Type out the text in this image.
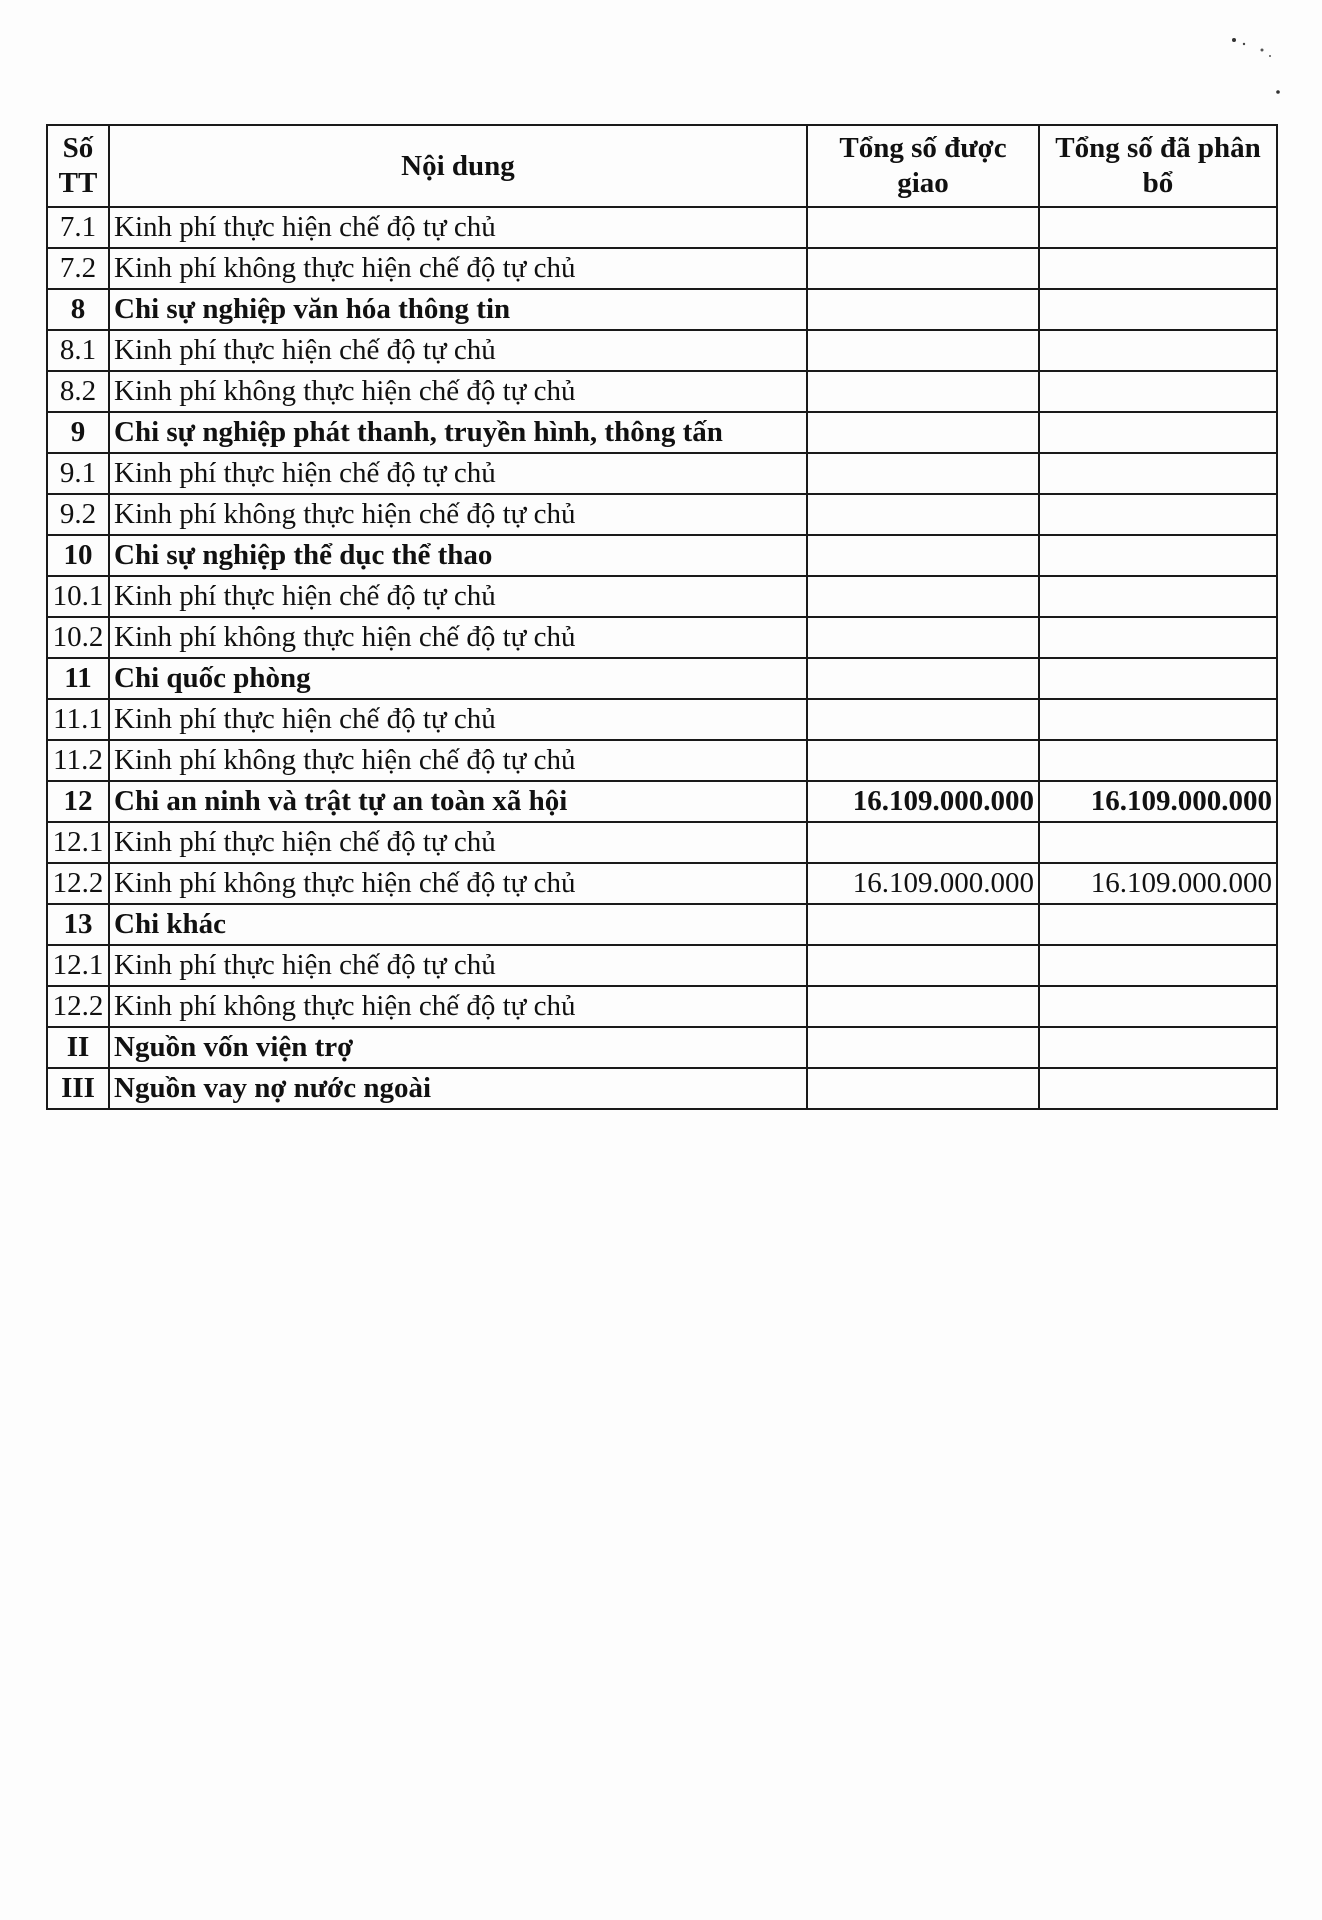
Số TT	Nội dung	Tổng số được giao	Tổng số đã phân bổ
7.1	Kinh phí thực hiện chế độ tự chủ		
7.2	Kinh phí không thực hiện chế độ tự chủ		
8	Chi sự nghiệp văn hóa thông tin		
8.1	Kinh phí thực hiện chế độ tự chủ		
8.2	Kinh phí không thực hiện chế độ tự chủ		
9	Chi sự nghiệp phát thanh, truyền hình, thông tấn		
9.1	Kinh phí thực hiện chế độ tự chủ		
9.2	Kinh phí không thực hiện chế độ tự chủ		
10	Chi sự nghiệp thể dục thể thao		
10.1	Kinh phí thực hiện chế độ tự chủ		
10.2	Kinh phí không thực hiện chế độ tự chủ		
11	Chi quốc phòng		
11.1	Kinh phí thực hiện chế độ tự chủ		
11.2	Kinh phí không thực hiện chế độ tự chủ		
12	Chi an ninh và trật tự an toàn xã hội	16.109.000.000	16.109.000.000
12.1	Kinh phí thực hiện chế độ tự chủ		
12.2	Kinh phí không thực hiện chế độ tự chủ	16.109.000.000	16.109.000.000
13	Chi khác		
12.1	Kinh phí thực hiện chế độ tự chủ		
12.2	Kinh phí không thực hiện chế độ tự chủ		
II	Nguồn vốn viện trợ		
III	Nguồn vay nợ nước ngoài		
